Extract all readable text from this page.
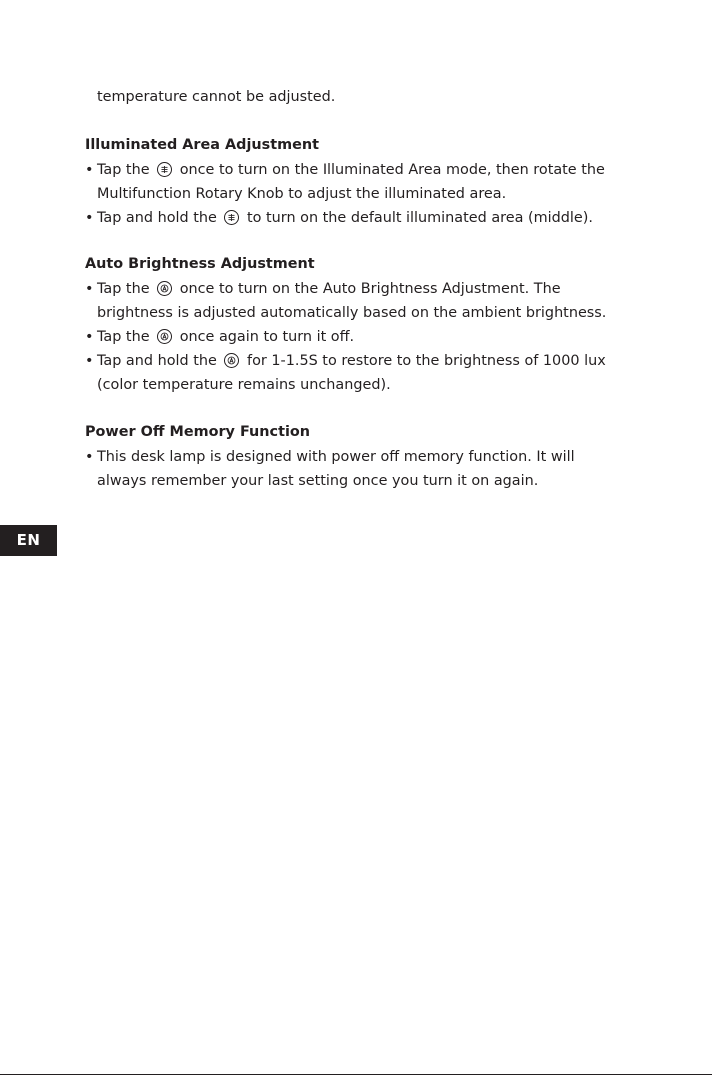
temperature cannot be adjusted.
Illuminated Area Adjustment
• Tap the once to turn on the Illuminated Area mode, then rotate the
Multifunction Rotary Knob to adjust the illuminated area.
• Tap and hold the to turn on the default illuminated area (middle).
Auto Brightness Adjustment
• Tap the once to turn on the Auto Brightness Adjustment. The
brightness is adjusted automatically based on the ambient brightness.
• Tap the once again to turn it off.
• Tap and hold the for 1-1.5S to restore to the brightness of 1000 lux
(color temperature remains unchanged).
Power Off Memory Function
• This desk lamp is designed with power off memory function. It will
always remember your last setting once you turn it on again.
EN
